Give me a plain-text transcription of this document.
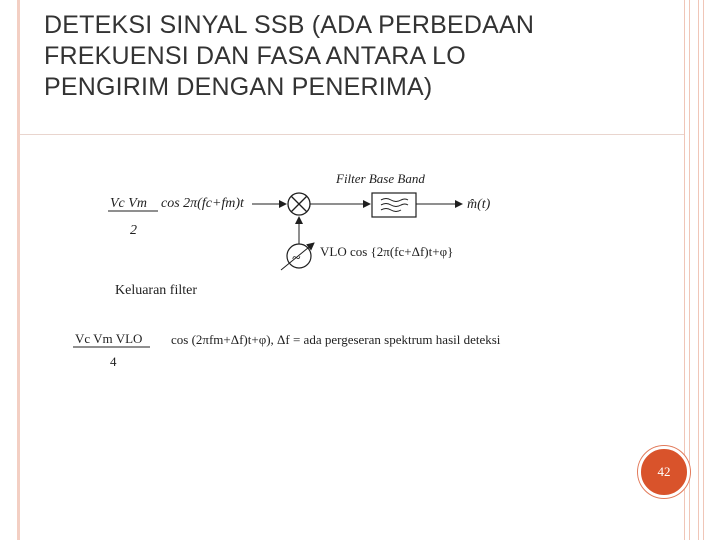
DETEKSI SINYAL SSB (ADA PERBEDAAN
FREKUENSI DAN FASA ANTARA LO
PENGIRIM DENGAN PENERIMA)
Vc Vm
2
cos 2π(fc+fm)t
Filter Base Band
m̂(t)
~ VLO cos {2π(fc+Δf)t+φ}
Keluaran filter
Vc Vm VLO
4
cos (2πfm+Δf)t+φ), Δf = ada pergeseran spektrum hasil deteksi
42
